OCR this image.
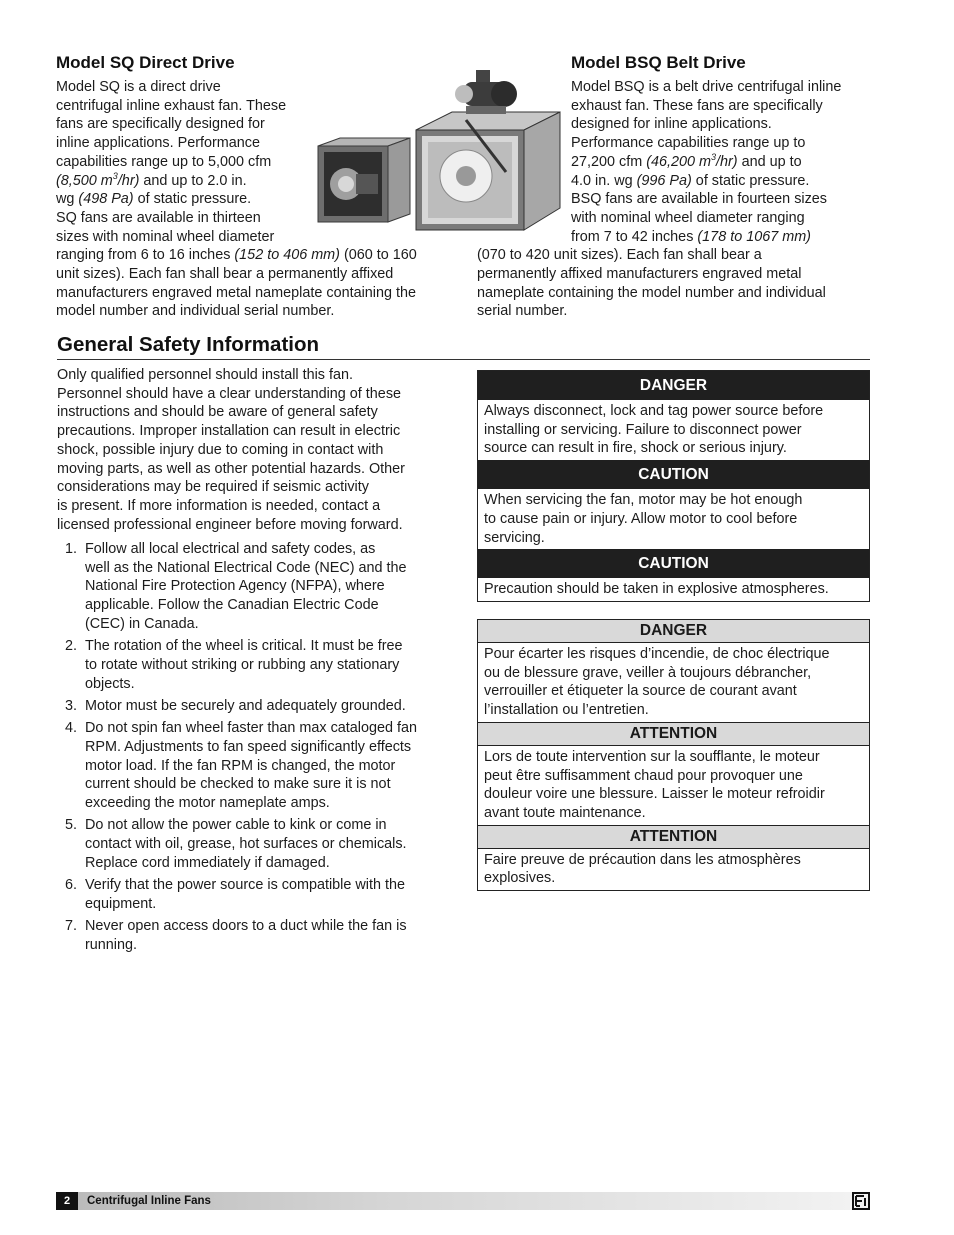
Model SQ Direct Drive

Model SQ is a direct drive

centrifugal inline exhaust fan. These

fans are specifically designed for

inline applications. Performance

capabilities range up to 5,000 cfm

(8,500 $m^3/hr$) and up to 2.0 in.

wg (498 Pa) of static pressure.

SQ fans are available in thirteen

sizes with nominal wheel diameter

ranging from 6 to 16 inches (152 to 406 mm) (060 to 160

unit sizes). Each fan shall bear a permanently affixed

manufacturers engraved metal nameplate containing the

model number and individual serial number.

Model BSQ Belt Drive

Model BSQ is a belt drive centrifugal inline

exhaust fan. These fans are specifically

designed for inline applications.

Performance capabilities range up to

27,200 cfm (46,200 $m^3/hr$) and up to

4.0 in. wg (996 Pa) of static pressure.

BSQ fans are available in fourteen sizes

with nominal wheel diameter ranging

from 7 to 42 inches (178 to 1067 mm)

(070 to 420 unit sizes). Each fan shall bear a

permanently affixed manufacturers engraved metal

nameplate containing the model number and individual

serial number.

General Safety Information

Only qualified personnel should install this fan.

Personnel should have a clear understanding of these

instructions and should be aware of general safety

precautions. Improper installation can result in electric

shock, possible injury due to coming in contact with

moving parts, as well as other potential hazards. Other

considerations may be required if seismic activity

is present. If more information is needed, contact a

licensed professional engineer before moving forward.

1. Follow all local electrical and safety codes, as

well as the National Electrical Code (NEC) and the

National Fire Protection Agency (NFPA), where

applicable. Follow the Canadian Electric Code

(CEC) in Canada.

2. The rotation of the wheel is critical. It must be free

to rotate without striking or rubbing any stationary

objects.

3. Motor must be securely and adequately grounded.

4. Do not spin fan wheel faster than max cataloged fan

RPM. Adjustments to fan speed significantly effects

motor load. If the fan RPM is changed, the motor

current should be checked to make sure it is not

exceeding the motor nameplate amps.

5. Do not allow the power cable to kink or come in

contact with oil, grease, hot surfaces or chemicals.

Replace cord immediately if damaged.

6. Verify that the power source is compatible with the

equipment.

7. Never open access doors to a duct while the fan is

running.

DANGER
Always disconnect, lock and tag power source before
installing or servicing. Failure to disconnect power
source can result in fire, shock or serious injury.
CAUTION
When servicing the fan, motor may be hot enough
to cause pain or injury. Allow motor to cool before
servicing.
CAUTION
Precaution should be taken in explosive atmospheres.
DANGER
Pour écarter les risques d’incendie, de choc électrique
ou de blessure grave, veiller à toujours débrancher,
verrouiller et étiqueter la source de courant avant
l’installation ou l’entretien.
ATTENTION
Lors de toute intervention sur la soufflante, le moteur
peut être suffisamment chaud pour provoquer une
douleur voire une blessure. Laisser le moteur refroidir
avant toute maintenance.
ATTENTION
Faire preuve de précaution dans les atmosphères
explosives.
2	Centrifugal Inline Fans
